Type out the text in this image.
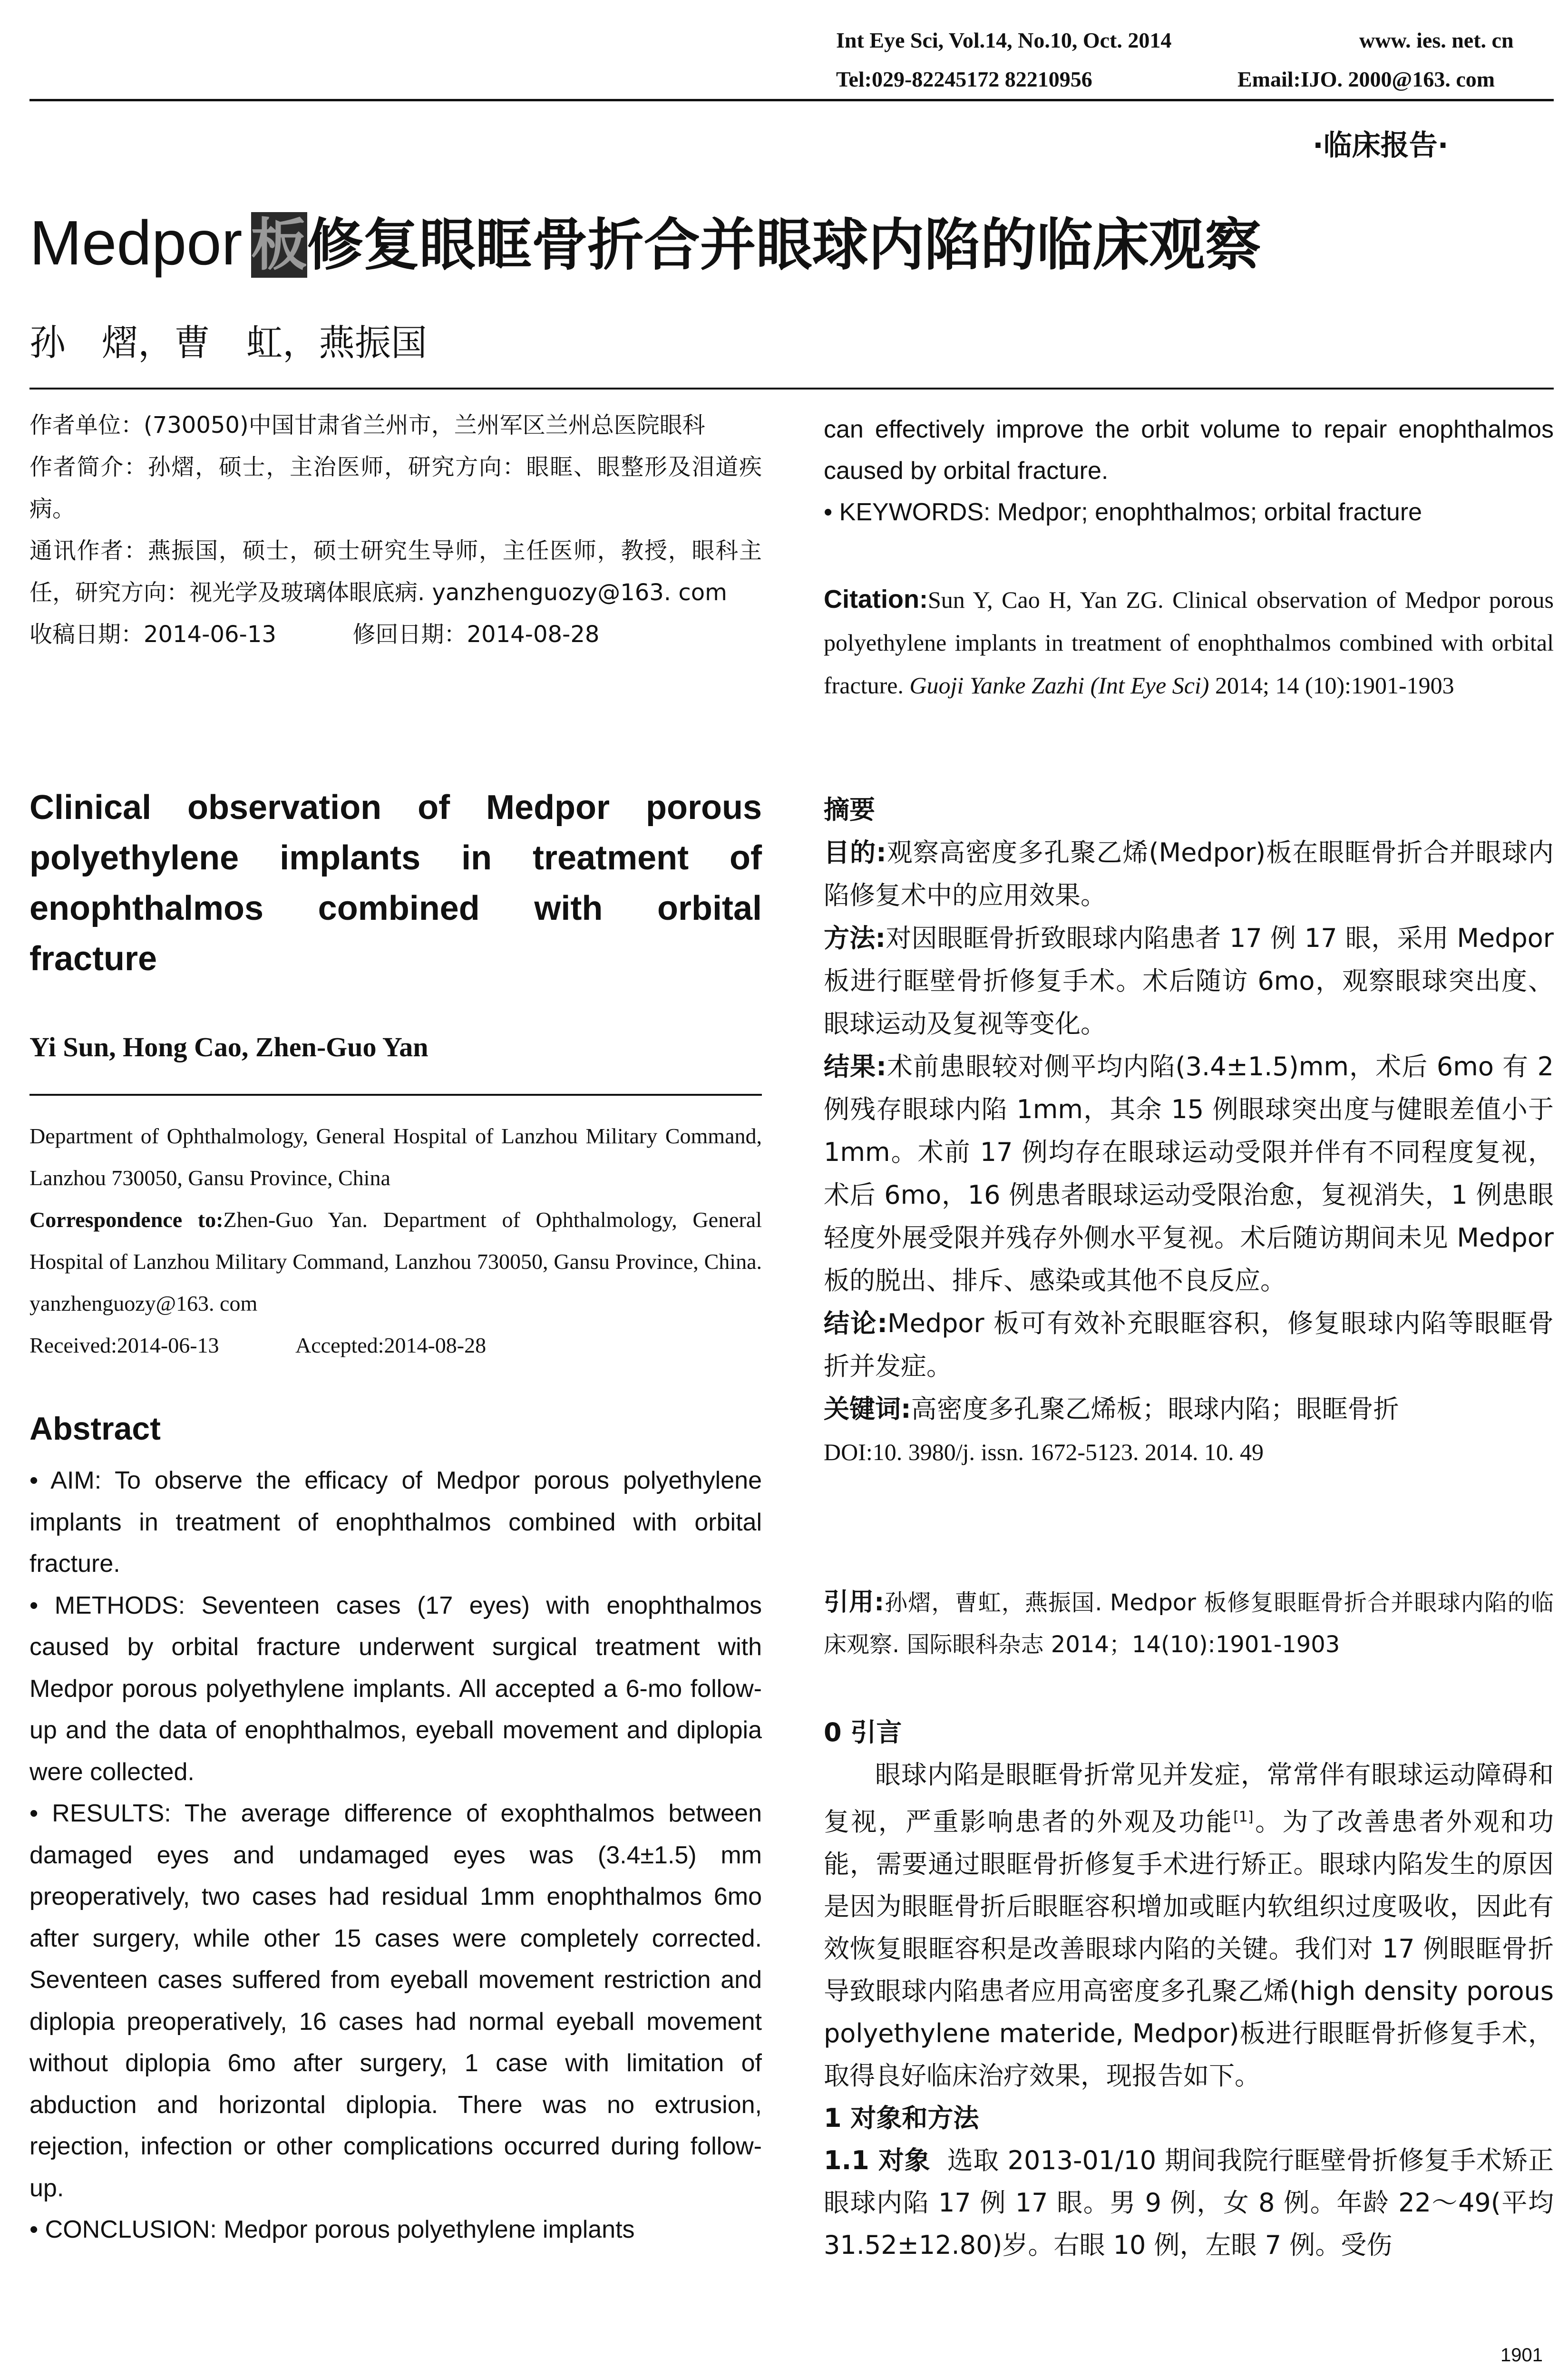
Int Eye Sci, Vol.14, No.10, Oct. 2014	www. ies. net. cn
Tel:029-82245172 82210956	Email:IJO. 2000@163. com
·临床报告·
Medpor 板修复眼眶骨折合并眼球内陷的临床观察
孙　熠，曹　虹，燕振国
作者单位：(730050)中国甘肃省兰州市，兰州军区兰州总医院眼科
作者简介：孙熠，硕士，主治医师，研究方向：眼眶、眼整形及泪道疾病。
通讯作者：燕振国，硕士，硕士研究生导师，主任医师，教授，眼科主任，研究方向：视光学及玻璃体眼底病. yanzhenguozy@163. com
收稿日期：2014-06-13	修回日期：2014-08-28
Clinical observation of Medpor porous polyethylene implants in treatment of enophthalmos combined with orbital fracture
Yi Sun, Hong Cao, Zhen-Guo Yan
Department of Ophthalmology, General Hospital of Lanzhou Military Command, Lanzhou 730050, Gansu Province, China
Correspondence to:Zhen-Guo Yan. Department of Ophthalmology, General Hospital of Lanzhou Military Command, Lanzhou 730050, Gansu Province, China. yanzhenguozy@163. com
Received:2014-06-13	Accepted:2014-08-28
Abstract
• AIM: To observe the efficacy of Medpor porous polyethylene implants in treatment of enophthalmos combined with orbital fracture.
• METHODS: Seventeen cases (17 eyes) with enophthalmos caused by orbital fracture underwent surgical treatment with Medpor porous polyethylene implants. All accepted a 6-mo follow-up and the data of enophthalmos, eyeball movement and diplopia were collected.
• RESULTS: The average difference of exophthalmos between damaged eyes and undamaged eyes was (3.4±1.5) mm preoperatively, two cases had residual 1mm enophthalmos 6mo after surgery, while other 15 cases were completely corrected. Seventeen cases suffered from eyeball movement restriction and diplopia preoperatively, 16 cases had normal eyeball movement without diplopia 6mo after surgery, 1 case with limitation of abduction and horizontal diplopia. There was no extrusion, rejection, infection or other complications occurred during follow-up.
• CONCLUSION: Medpor porous polyethylene implants
can effectively improve the orbit volume to repair enophthalmos caused by orbital fracture.
• KEYWORDS: Medpor; enophthalmos; orbital fracture
Citation:Sun Y, Cao H, Yan ZG. Clinical observation of Medpor porous polyethylene implants in treatment of enophthalmos combined with orbital fracture. Guoji Yanke Zazhi (Int Eye Sci) 2014; 14 (10):1901-1903
摘要
目的:观察高密度多孔聚乙烯(Medpor)板在眼眶骨折合并眼球内陷修复术中的应用效果。
方法:对因眼眶骨折致眼球内陷患者 17 例 17 眼，采用 Medpor 板进行眶壁骨折修复手术。术后随访 6mo，观察眼球突出度、眼球运动及复视等变化。
结果:术前患眼较对侧平均内陷(3.4±1.5)mm，术后 6mo 有 2 例残存眼球内陷 1mm，其余 15 例眼球突出度与健眼差值小于 1mm。术前 17 例均存在眼球运动受限并伴有不同程度复视，术后 6mo，16 例患者眼球运动受限治愈，复视消失，1 例患眼轻度外展受限并残存外侧水平复视。术后随访期间未见 Medpor 板的脱出、排斥、感染或其他不良反应。
结论:Medpor 板可有效补充眼眶容积，修复眼球内陷等眼眶骨折并发症。
关键词:高密度多孔聚乙烯板；眼球内陷；眼眶骨折
DOI:10. 3980/j. issn. 1672-5123. 2014. 10. 49
引用:孙熠，曹虹，燕振国. Medpor 板修复眼眶骨折合并眼球内陷的临床观察. 国际眼科杂志 2014；14(10):1901-1903
0 引言
眼球内陷是眼眶骨折常见并发症，常常伴有眼球运动障碍和复视，严重影响患者的外观及功能[1]。为了改善患者外观和功能，需要通过眼眶骨折修复手术进行矫正。眼球内陷发生的原因是因为眼眶骨折后眼眶容积增加或眶内软组织过度吸收，因此有效恢复眼眶容积是改善眼球内陷的关键。我们对 17 例眼眶骨折导致眼球内陷患者应用高密度多孔聚乙烯(high density porous polyethylene materide, Medpor)板进行眼眶骨折修复手术，取得良好临床治疗效果，现报告如下。
1 对象和方法
1.1 对象 选取 2013-01/10 期间我院行眶壁骨折修复手术矫正眼球内陷 17 例 17 眼。男 9 例，女 8 例。年龄 22～49(平均 31.52±12.80)岁。右眼 10 例，左眼 7 例。受伤
1901
